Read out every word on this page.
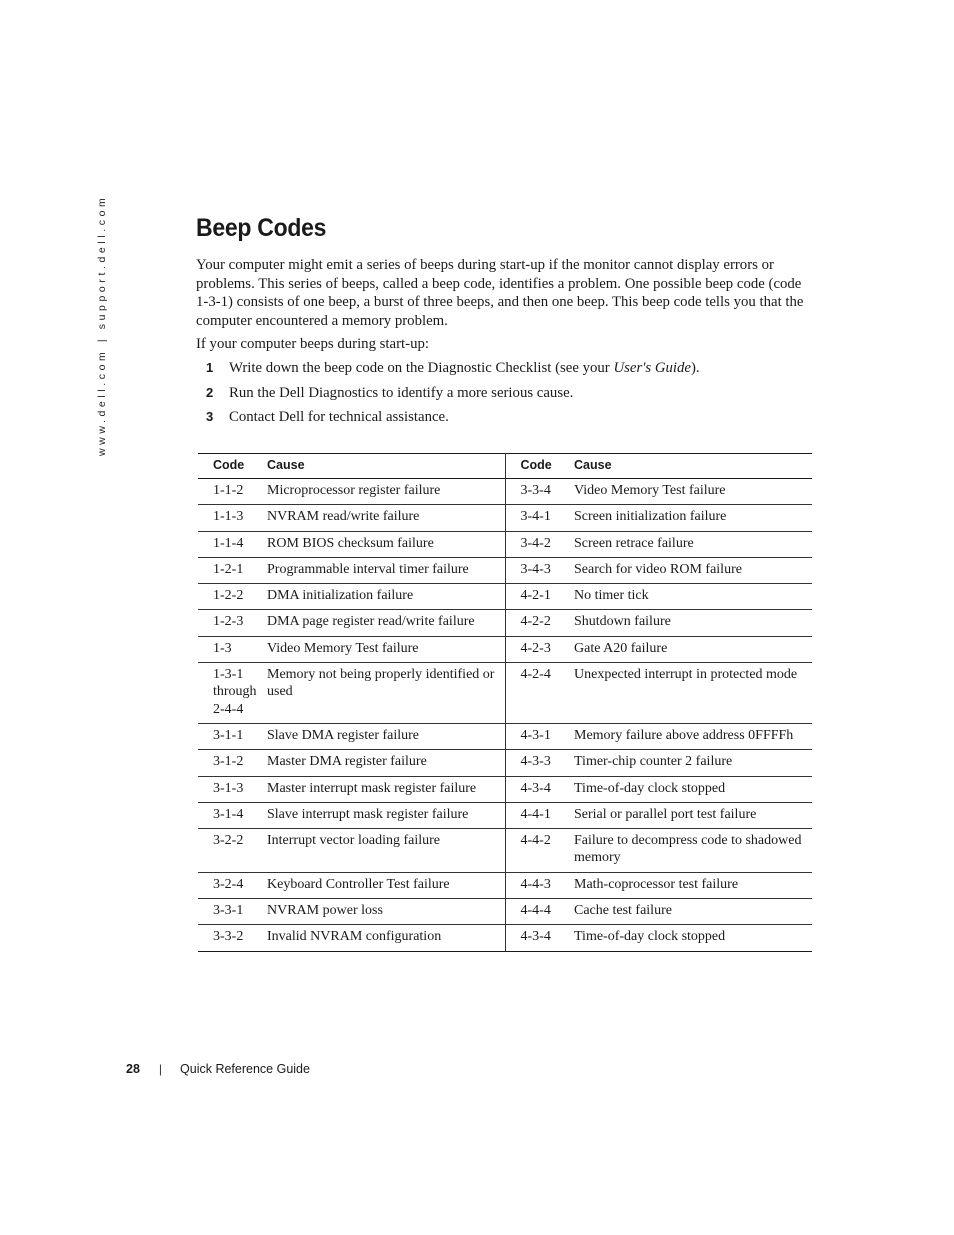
www.dell.com | support.dell.com	Beep Codes

Your computer might emit a series of beeps during start-up if the monitor cannot display errors or problems. This series of beeps, called a beep code, identifies a problem. One possible beep code (code 1-3-1) consists of one beep, a burst of three beeps, and then one beep. This beep code tells you that the computer encountered a memory problem.

If your computer beeps during start-up:

1 Write down the beep code on the Diagnostic Checklist (see your User's Guide).
2 Run the Dell Diagnostics to identify a more serious cause.
3 Contact Dell for technical assistance.
Code	Cause	Code	Cause
1-1-2	Microprocessor register failure	3-3-4	Video Memory Test failure
1-1-3	NVRAM read/write failure	3-4-1	Screen initialization failure
1-1-4	ROM BIOS checksum failure	3-4-2	Screen retrace failure
1-2-1	Programmable interval timer failure	3-4-3	Search for video ROM failure
1-2-2	DMA initialization failure	4-2-1	No timer tick
1-2-3	DMA page register read/write failure	4-2-2	Shutdown failure
1-3	Video Memory Test failure	4-2-3	Gate A20 failure
1-3-1 through 2-4-4	Memory not being properly identified or used	4-2-4	Unexpected interrupt in protected mode
3-1-1	Slave DMA register failure	4-3-1	Memory failure above address 0FFFFh
3-1-2	Master DMA register failure	4-3-3	Timer-chip counter 2 failure
3-1-3	Master interrupt mask register failure	4-3-4	Time-of-day clock stopped
3-1-4	Slave interrupt mask register failure	4-4-1	Serial or parallel port test failure
3-2-2	Interrupt vector loading failure	4-4-2	Failure to decompress code to shadowed memory
3-2-4	Keyboard Controller Test failure	4-4-3	Math-coprocessor test failure
3-3-1	NVRAM power loss	4-4-4	Cache test failure
3-3-2	Invalid NVRAM configuration	4-3-4	Time-of-day clock stopped
28 | Quick Reference Guide
